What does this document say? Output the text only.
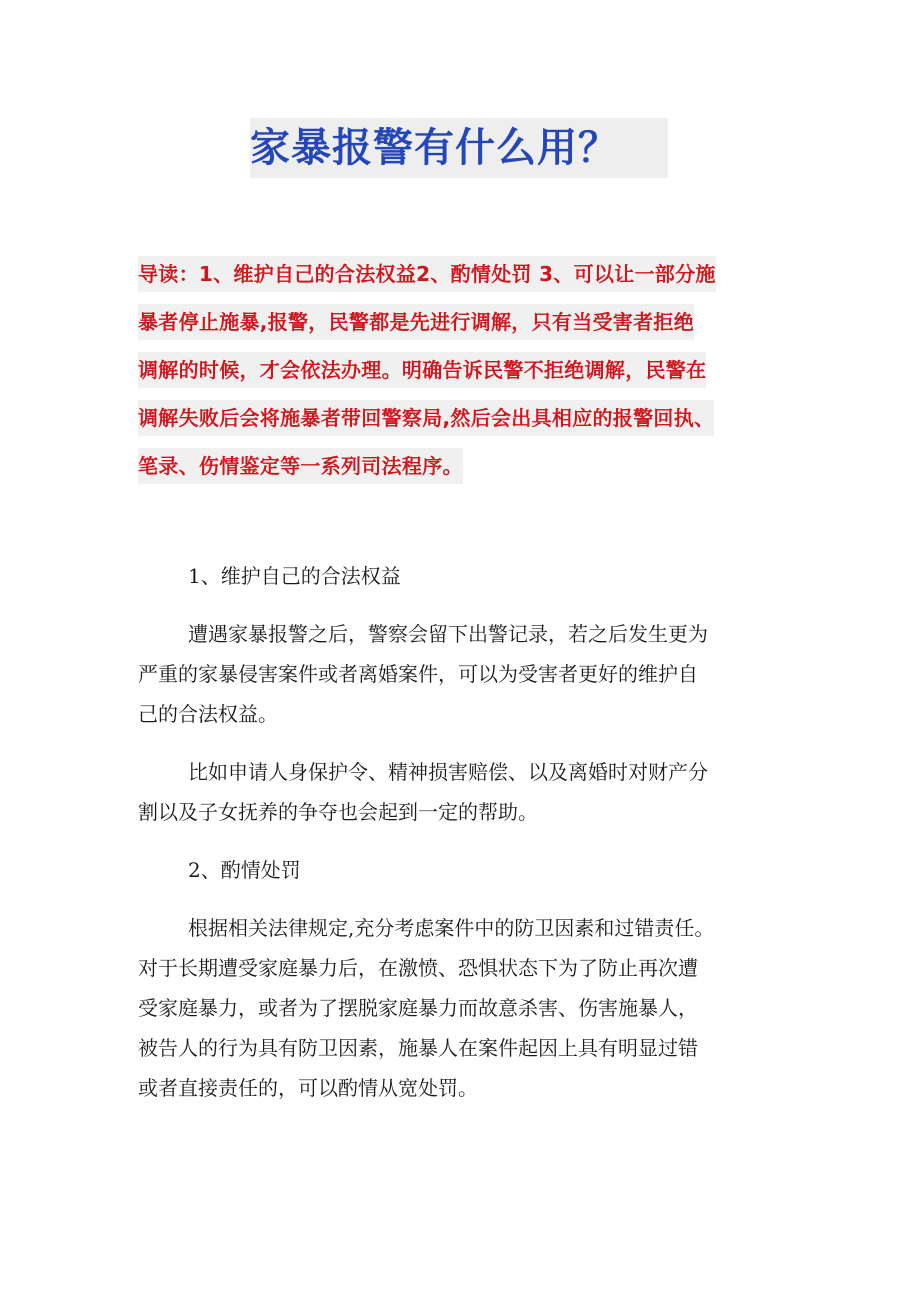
家暴报警有什么用？
导读：1、维护自己的合法权益2、酌情处罚 3、可以让一部分施
暴者停止施暴,报警，民警都是先进行调解，只有当受害者拒绝
调解的时候，才会依法办理。明确告诉民警不拒绝调解，民警在
调解失败后会将施暴者带回警察局,然后会出具相应的报警回执、
笔录、伤情鉴定等一系列司法程序。
1、维护自己的合法权益
遭遇家暴报警之后，警察会留下出警记录，若之后发生更为
严重的家暴侵害案件或者离婚案件，可以为受害者更好的维护自
己的合法权益。
比如申请人身保护令、精神损害赔偿、以及离婚时对财产分
割以及子女抚养的争夺也会起到一定的帮助。
2、酌情处罚
根据相关法律规定,充分考虑案件中的防卫因素和过错责任。
对于长期遭受家庭暴力后，在激愤、恐惧状态下为了防止再次遭
受家庭暴力，或者为了摆脱家庭暴力而故意杀害、伤害施暴人，
被告人的行为具有防卫因素，施暴人在案件起因上具有明显过错
或者直接责任的，可以酌情从宽处罚。
